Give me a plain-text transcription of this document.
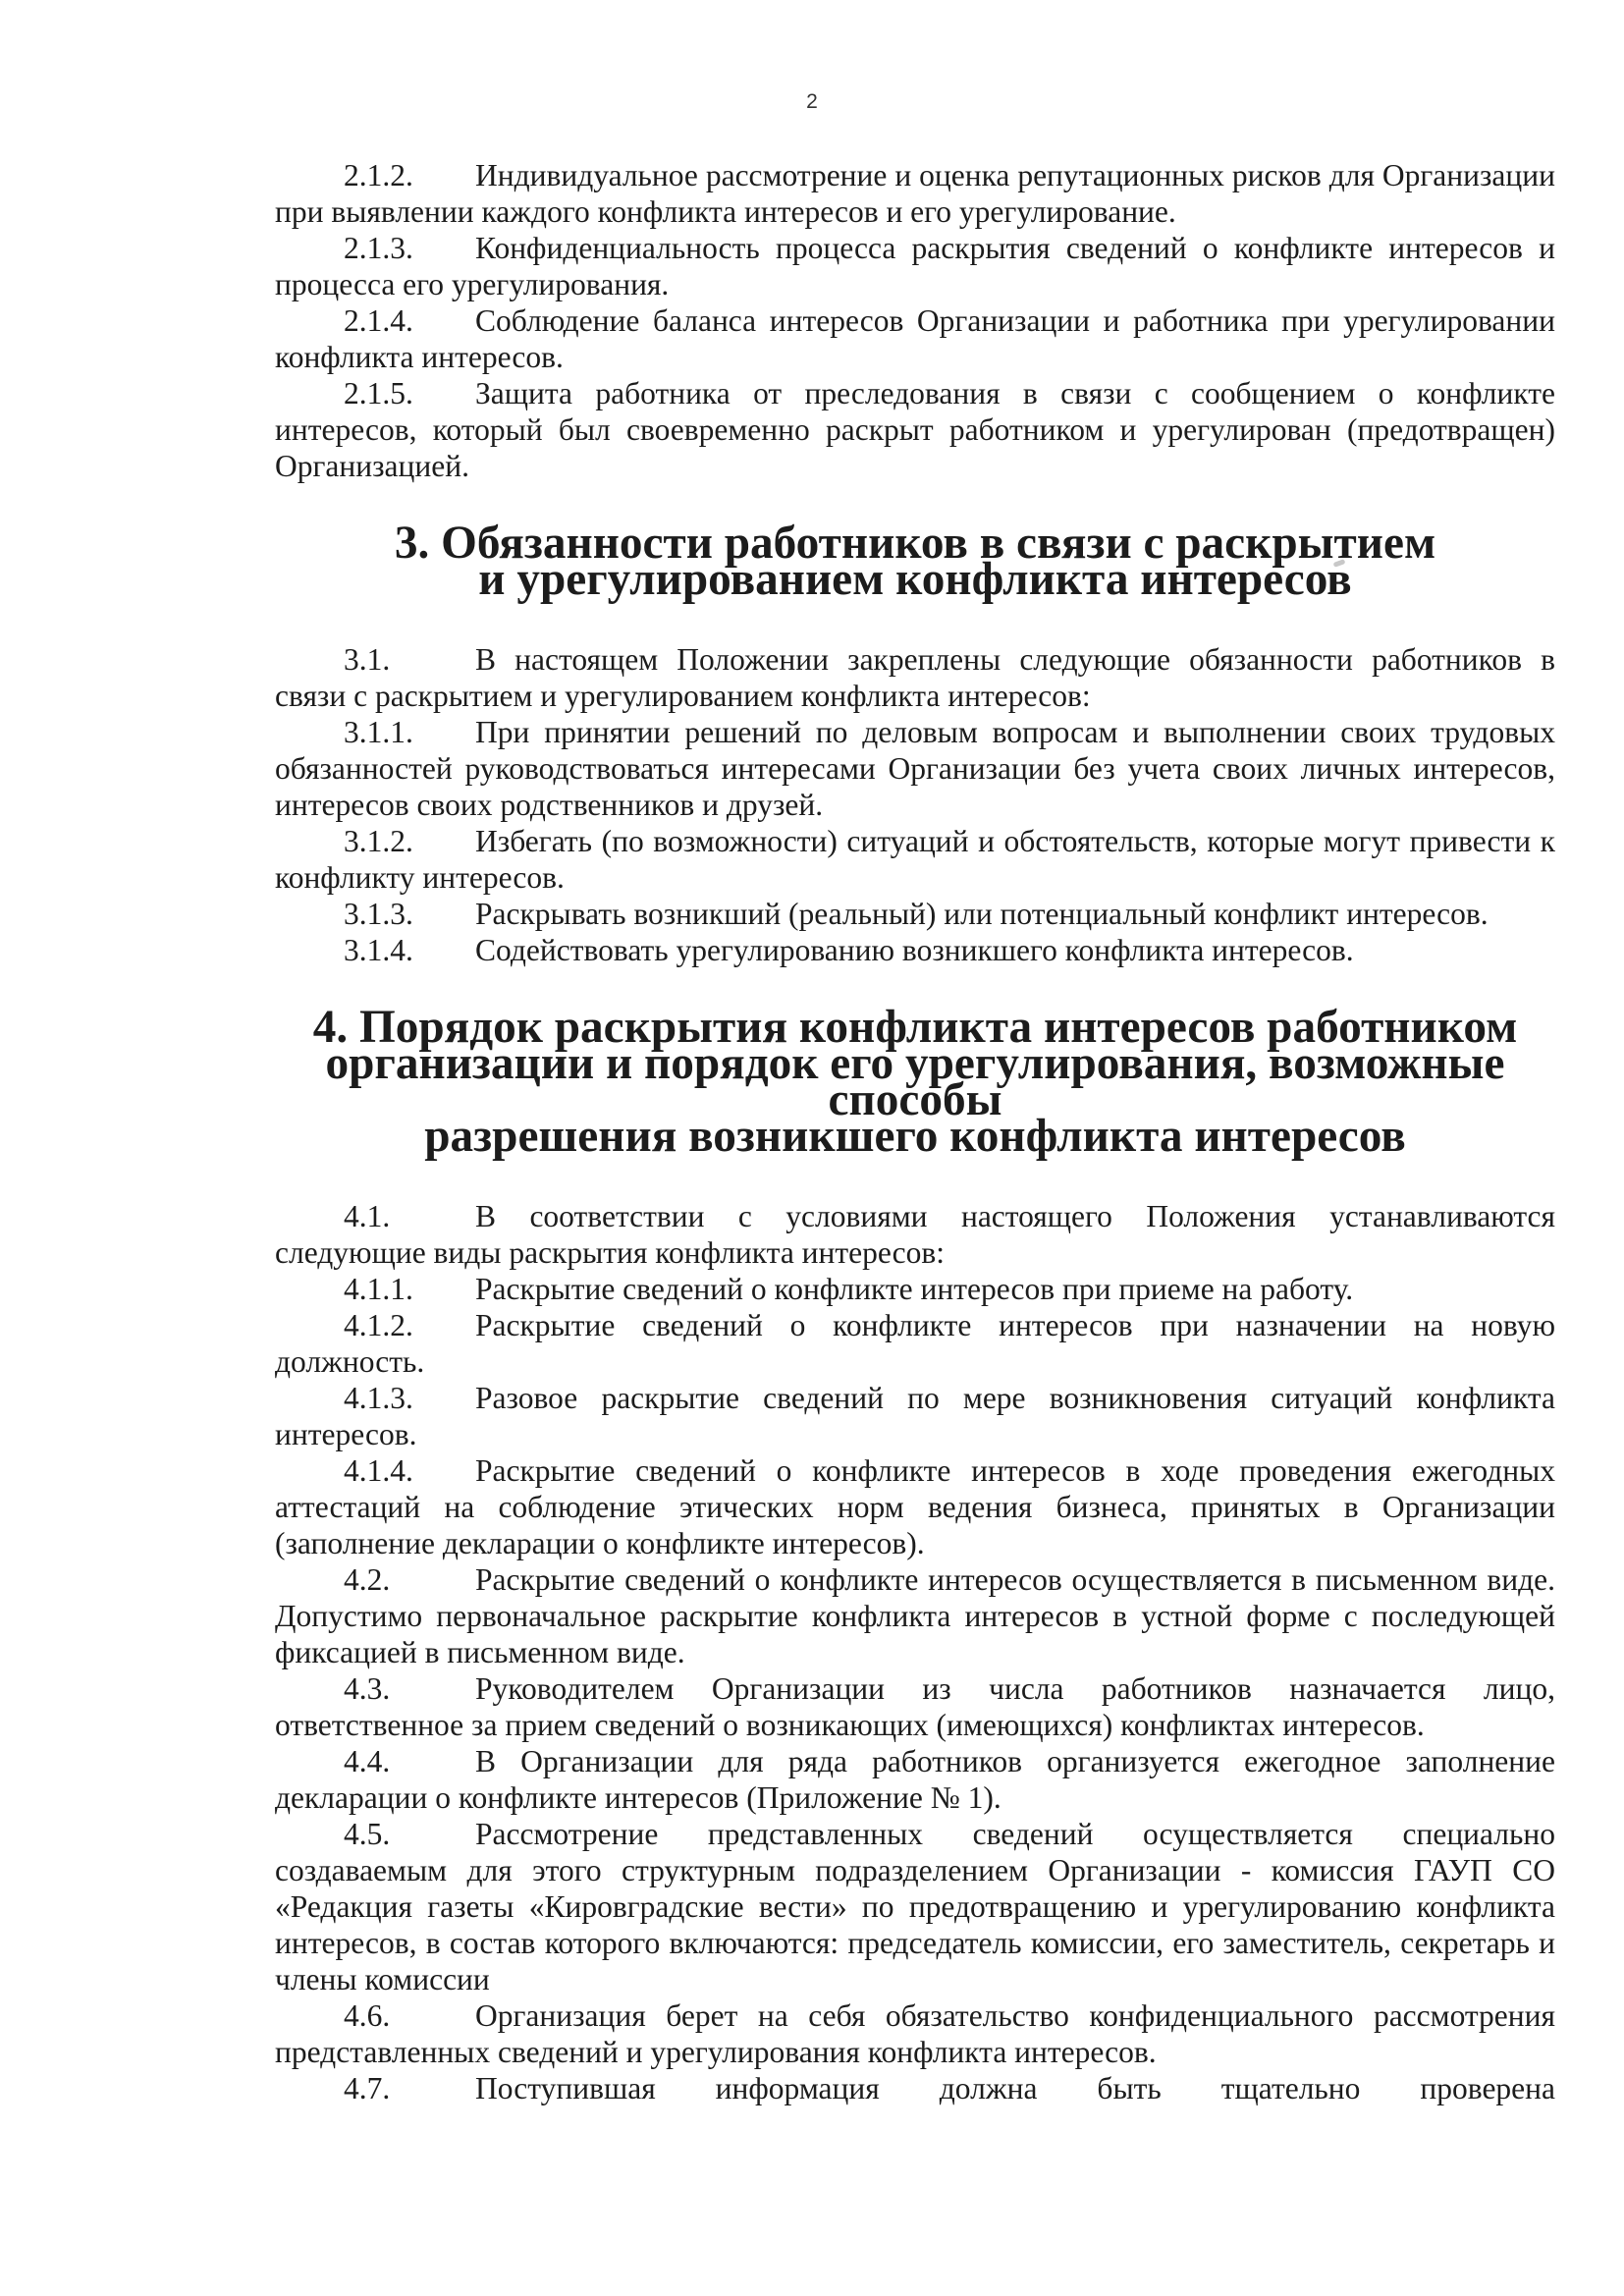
2

2.1.2. Индивидуальное рассмотрение и оценка репутационных рисков для Организации при выявлении каждого конфликта интересов и его урегулирование.

2.1.3. Конфиденциальность процесса раскрытия сведений о конфликте интересов и процесса его урегулирования.

2.1.4. Соблюдение баланса интересов Организации и работника при урегулировании конфликта интересов.

2.1.5. Защита работника от преследования в связи с сообщением о конфликте интересов, который был своевременно раскрыт работником и урегулирован (предотвращен) Организацией.

3. Обязанности работников в связи с раскрытием
и урегулированием конфликта интересов

3.1.	В настоящем Положении закреплены следующие обязанности работников в связи с раскрытием и урегулированием конфликта интересов:

3.1.1. При принятии решений по деловым вопросам и выполнении своих трудовых обязанностей руководствоваться интересами Организации без учета своих личных интересов, интересов своих родственников и друзей.

3.1.2. Избегать (по возможности) ситуаций и обстоятельств, которые могут привести к конфликту интересов.

3.1.3. Раскрывать возникший (реальный) или потенциальный конфликт интересов.

3.1.4. Содействовать урегулированию возникшего конфликта интересов.

4. Порядок раскрытия конфликта интересов работником
организации и порядок его урегулирования, возможные способы
разрешения возникшего конфликта интересов

4.1.	В соответствии с условиями настоящего Положения устанавливаются следующие виды раскрытия конфликта интересов:

4.1.1. Раскрытие сведений о конфликте интересов при приеме на работу.

4.1.2. Раскрытие сведений о конфликте интересов при назначении на новую должность.

4.1.3. Разовое раскрытие сведений по мере возникновения ситуаций конфликта интересов.

4.1.4. Раскрытие сведений о конфликте интересов в ходе проведения ежегодных аттестаций на соблюдение этических норм ведения бизнеса, принятых в Организации (заполнение декларации о конфликте интересов).

4.2.	Раскрытие сведений о конфликте интересов осуществляется в письменном виде. Допустимо первоначальное раскрытие конфликта интересов в устной форме с последующей фиксацией в письменном виде.

4.3.	Руководителем Организации из числа работников назначается лицо, ответственное за прием сведений о возникающих (имеющихся) конфликтах интересов.

4.4.	В Организации для ряда работников организуется ежегодное заполнение декларации о конфликте интересов (Приложение № 1).

4.5.	Рассмотрение представленных сведений осуществляется специально создаваемым для этого структурным подразделением Организации - комиссия ГАУП СО «Редакция газеты «Кировградские вести» по предотвращению и урегулированию конфликта интересов, в состав которого включаются: председатель комиссии, его заместитель, секретарь и члены комиссии

4.6.	Организация берет на себя обязательство конфиденциального рассмотрения представленных сведений и урегулирования конфликта интересов.

4.7.	Поступившая информация должна быть тщательно проверена
